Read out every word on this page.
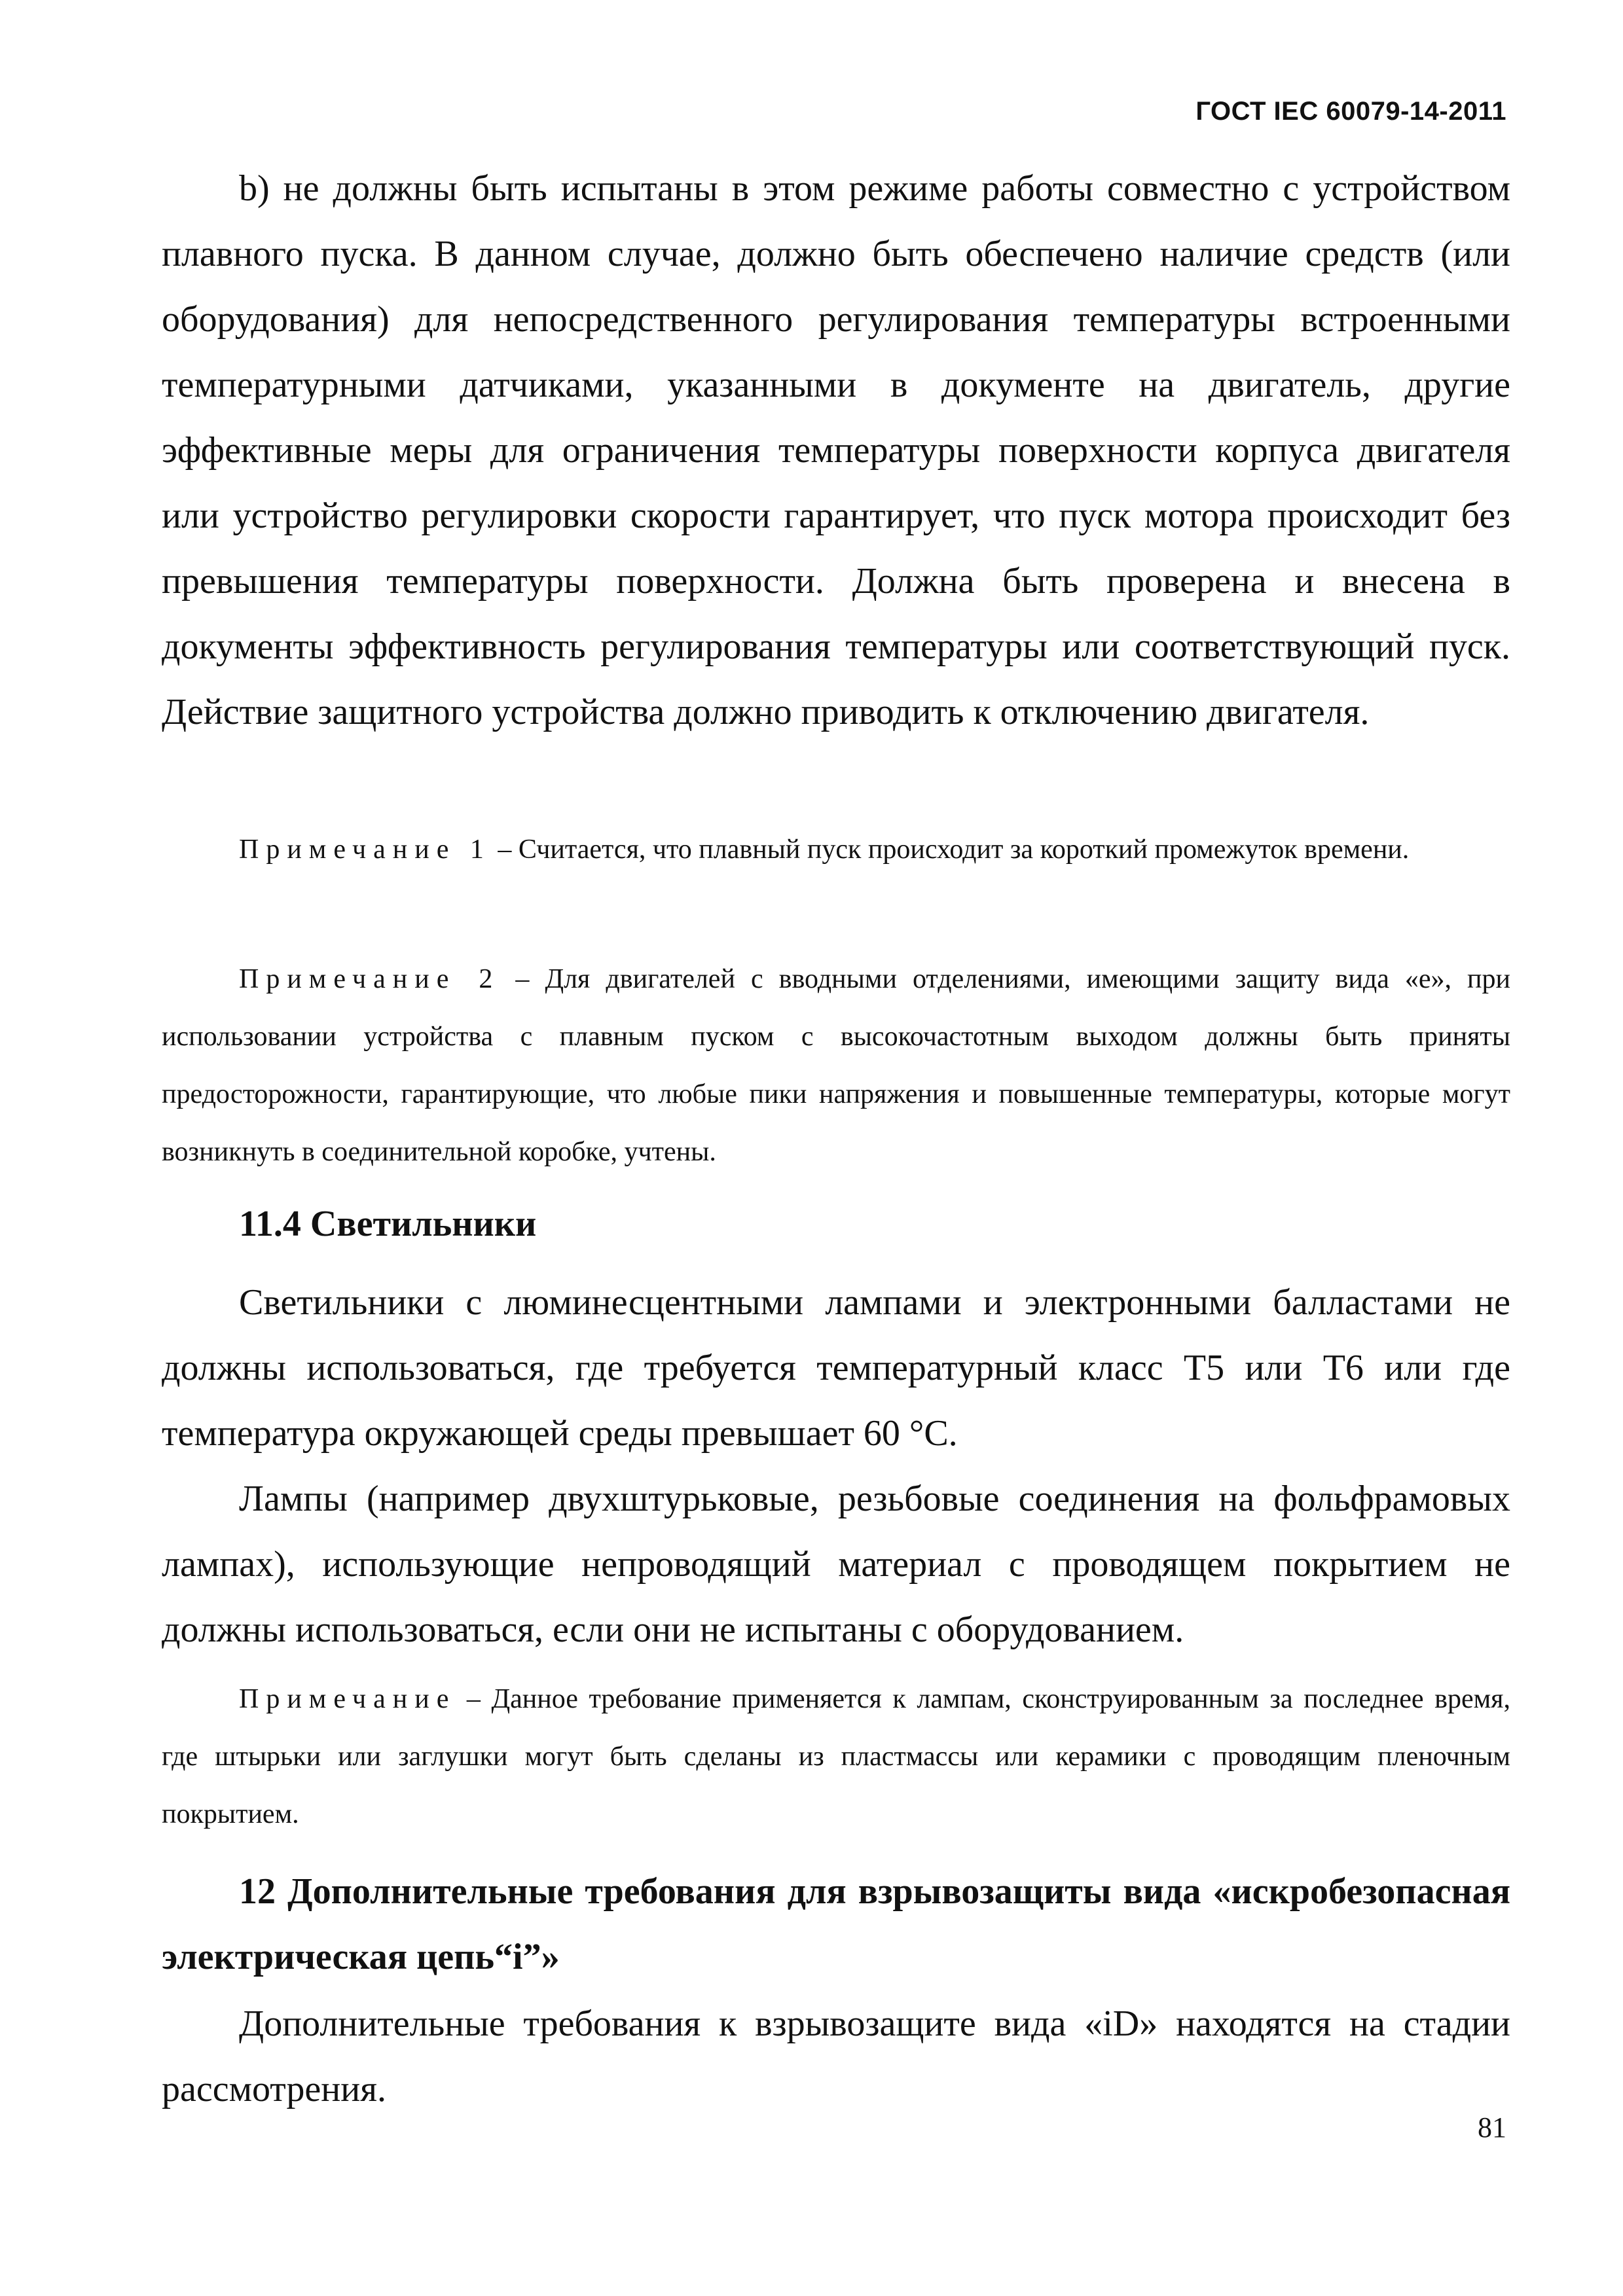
ГОСТ IEC 60079-14-2011

b) не должны быть испытаны в этом режиме работы совместно с устройством плавного пуска. В данном случае, должно быть обеспечено наличие средств (или оборудования) для непосредственного регулирования температуры встроенными температурными датчиками, указанными в документе на двигатель, другие эффективные меры для ограничения температуры поверхности корпуса двигателя или устройство регулировки скорости гарантирует, что пуск мотора происходит без превышения температуры поверхности. Должна быть проверена и внесена в документы эффективность регулирования температуры или соответствующий пуск. Действие защитного устройства должно приводить к отключению двигателя.

Примечание 1 – Считается, что плавный пуск происходит за короткий промежуток времени.

Примечание 2 – Для двигателей с вводными отделениями, имеющими защиту вида «е», при использовании устройства с плавным пуском с высокочастотным выходом должны быть приняты предосторожности, гарантирующие, что любые пики напряжения и повышенные температуры, которые могут возникнуть в соединительной коробке, учтены.

11.4 Светильники

Светильники с люминесцентными лампами и электронными балластами не должны использоваться, где требуется температурный класс Т5 или Т6 или где температура окружающей среды превышает 60 °С.

Лампы (например двухштурьковые, резьбовые соединения на фольфрамовых лампах), использующие непроводящий материал с проводящем покрытием не должны использоваться, если они не испытаны с оборудованием.

Примечание – Данное требование применяется к лампам, сконструированным за последнее время, где штырьки или заглушки могут быть сделаны из пластмассы или керамики с проводящим пленочным покрытием.

12 Дополнительные требования для взрывозащиты вида «искробезопасная электрическая цепь“i”»

Дополнительные требования к взрывозащите вида «iD» находятся на стадии рассмотрения.

81
